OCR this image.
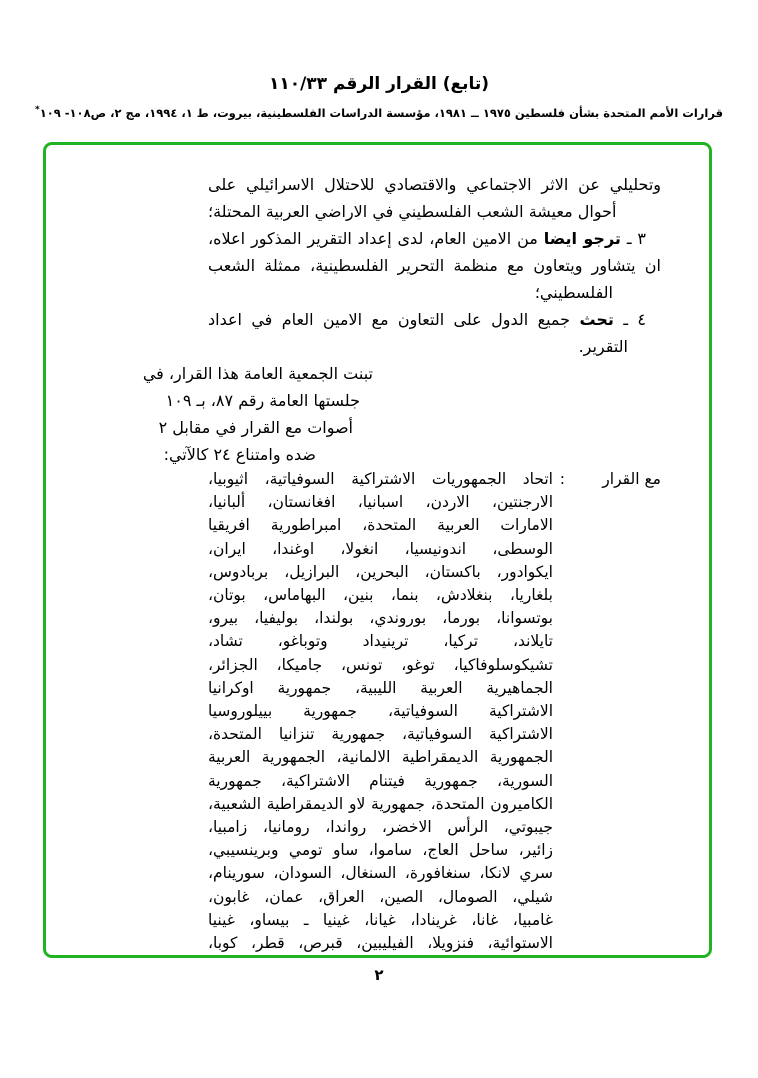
(تابع) القرار الرقم ١١٠/٣٣
قرارات الأمم المتحدة بشأن فلسطين ١٩٧٥ ــ ١٩٨١، مؤسسة الدراسات الفلسطينية، بيروت، ط ١، ١٩٩٤، مج ٢، ص١٠٨- ١٠٩*
وتحليلي عن الاثر الاجتماعي والاقتصادي للاحتلال الاسرائيلي على
أحوال معيشة الشعب الفلسطيني في الاراضي العربية المحتلة؛
٣ ـ ترجو ايضا من الامين العام، لدى إعداد التقرير المذكور اعلاه،
ان يتشاور ويتعاون مع منظمة التحرير الفلسطينية، ممثلة الشعب
الفلسطيني؛
٤ ـ تحث جميع الدول على التعاون مع الامين العام في اعداد
التقرير.
تبنت الجمعية العامة هذا القرار، في
جلستها العامة رقم ٨٧، بـ ١٠٩
أصوات مع القرار في مقابل ٢
ضده وامتناع ٢٤ كالآتي:
مع القرار
:
اتحاد الجمهوريات الاشتراكية السوفياتية، اثيوبيا،
الارجنتين، الاردن، اسبانيا، افغانستان، ألبانيا،
الامارات العربية المتحدة، امبراطورية افريقيا
الوسطى، اندونيسيا، انغولا، اوغندا، ايران،
ايكوادور، باكستان، البحرين، البرازيل، بربادوس،
بلغاريا، بنغلادش، بنما، بنين، البهاماس، بوتان،
بوتسوانا، بورما، بوروندي، بولندا، بوليفيا، بيرو،
تايلاند، تركيا، ترينيداد وتوباغو، تشاد،
تشيكوسلوفاكيا، توغو، تونس، جاميكا، الجزائر،
الجماهيرية العربية الليبية، جمهورية اوكرانيا
الاشتراكية السوفياتية، جمهورية بييلوروسيا
الاشتراكية السوفياتية، جمهورية تنزانيا المتحدة،
الجمهورية الديمقراطية الالمانية، الجمهورية العربية
السورية، جمهورية فيتنام الاشتراكية، جمهورية
الكاميرون المتحدة، جمهورية لاو الديمقراطية الشعبية،
جيبوتي، الرأس الاخضر، رواندا، رومانيا، زامبيا،
زائير، ساحل العاج، ساموا، ساو تومي وبرينسيبي،
سري لانكا، سنغافورة، السنغال، السودان، سورينام،
شيلي، الصومال، الصين، العراق، عمان، غابون،
غامبيا، غانا، غرينادا، غيانا، غينيا ـ بيساو، غينيا
الاستوائية، فنزويلا، الفيليبين، قبرص، قطر، كوبا،
٢
